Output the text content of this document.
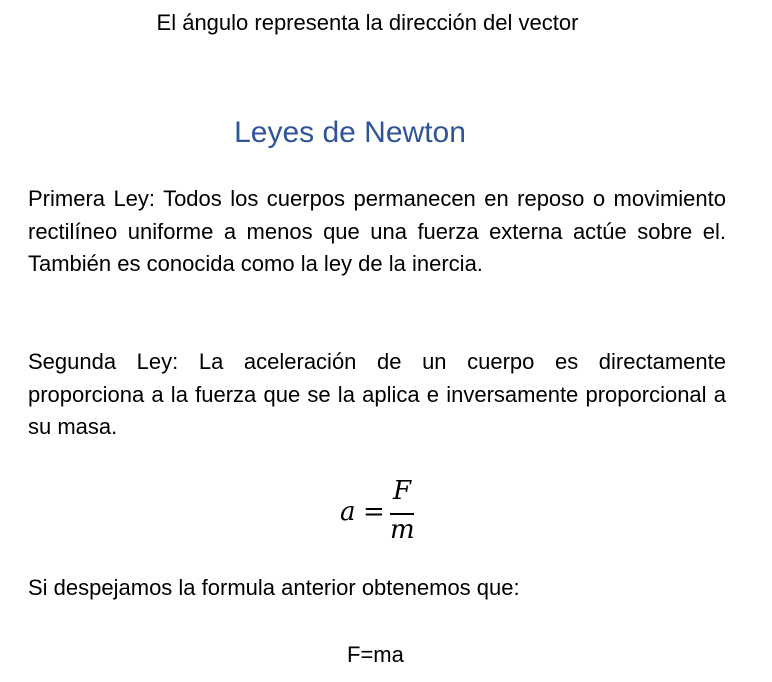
El ángulo representa la dirección del vector
Leyes de Newton

Primera Ley: Todos los cuerpos permanecen en reposo o movimiento rectilíneo uniforme a menos que una fuerza externa actúe sobre el. También es conocida como la ley de la inercia.

Segunda Ley: La aceleración de un cuerpo es directamente proporciona a la fuerza que se la aplica e inversamente proporcional a su masa.

a =
F
m
Si despejamos la formula anterior obtenemos que:
F=ma
